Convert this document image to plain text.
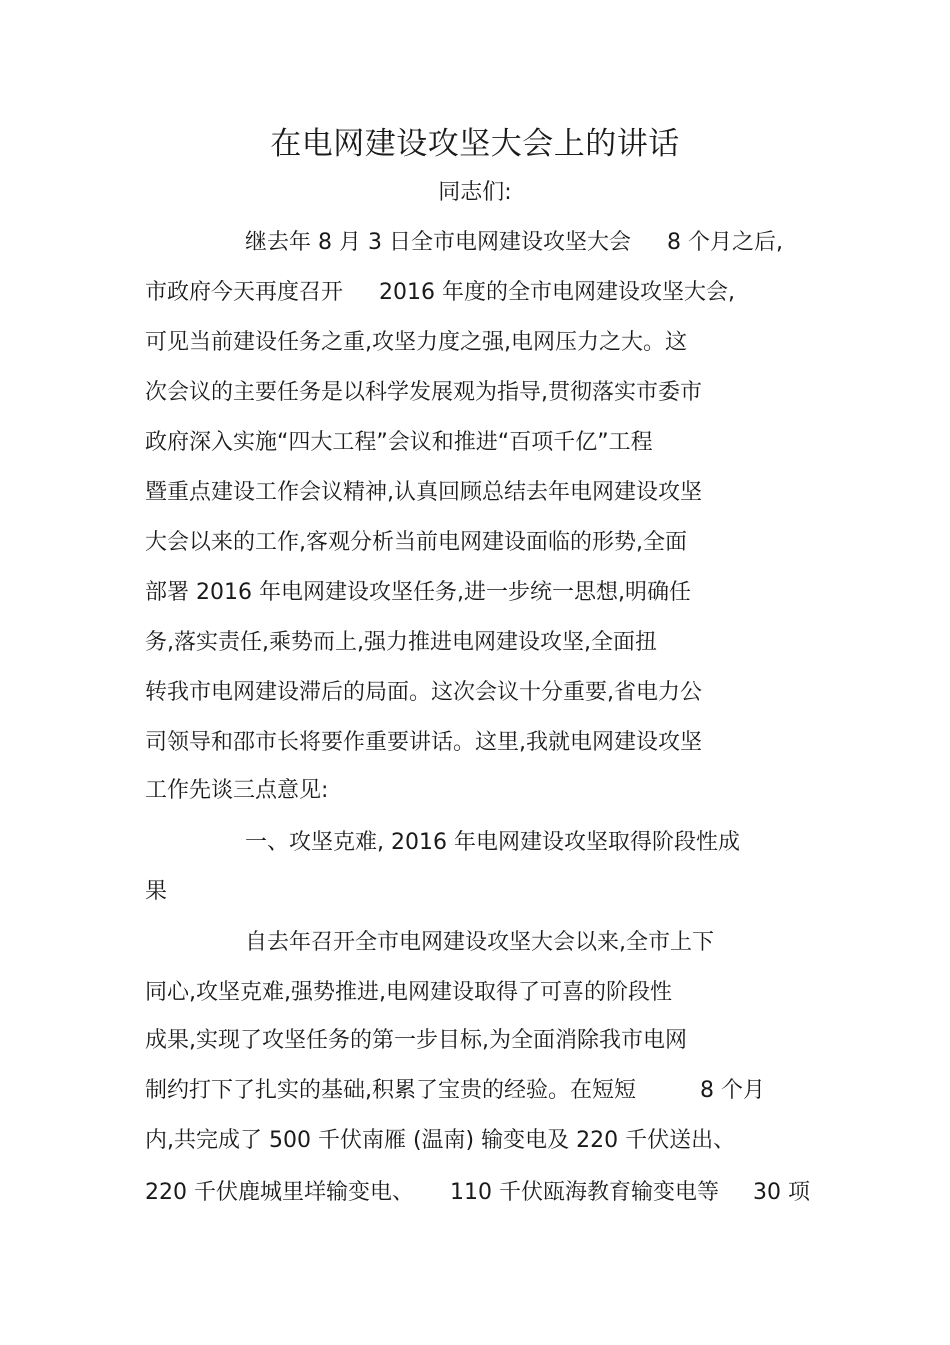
在电网建设攻坚大会上的讲话
同志们:
继去年 8 月 3 日全市电网建设攻坚大会 8 个月之后,
市政府今天再度召开 2016 年度的全市电网建设攻坚大会,
可见当前建设任务之重,攻坚力度之强,电网压力之大。这
次会议的主要任务是以科学发展观为指导,贯彻落实市委市
政府深入实施“四大工程”会议和推进“百项千亿”工程
暨重点建设工作会议精神,认真回顾总结去年电网建设攻坚
大会以来的工作,客观分析当前电网建设面临的形势,全面
部署 2016 年电网建设攻坚任务,进一步统一思想,明确任
务,落实责任,乘势而上,强力推进电网建设攻坚,全面扭
转我市电网建设滞后的局面。这次会议十分重要,省电力公
司领导和邵市长将要作重要讲话。这里,我就电网建设攻坚
工作先谈三点意见:
一、攻坚克难, 2016 年电网建设攻坚取得阶段性成
果
自去年召开全市电网建设攻坚大会以来,全市上下
同心,攻坚克难,强势推进,电网建设取得了可喜的阶段性
成果,实现了攻坚任务的第一步目标,为全面消除我市电网
制约打下了扎实的基础,积累了宝贵的经验。在短短	8 个月
内,共完成了 500 千伏南雁 (温南) 输变电及 220 千伏送出、
220 千伏鹿城里垟输变电、 110 千伏瓯海教育输变电等 30 项
